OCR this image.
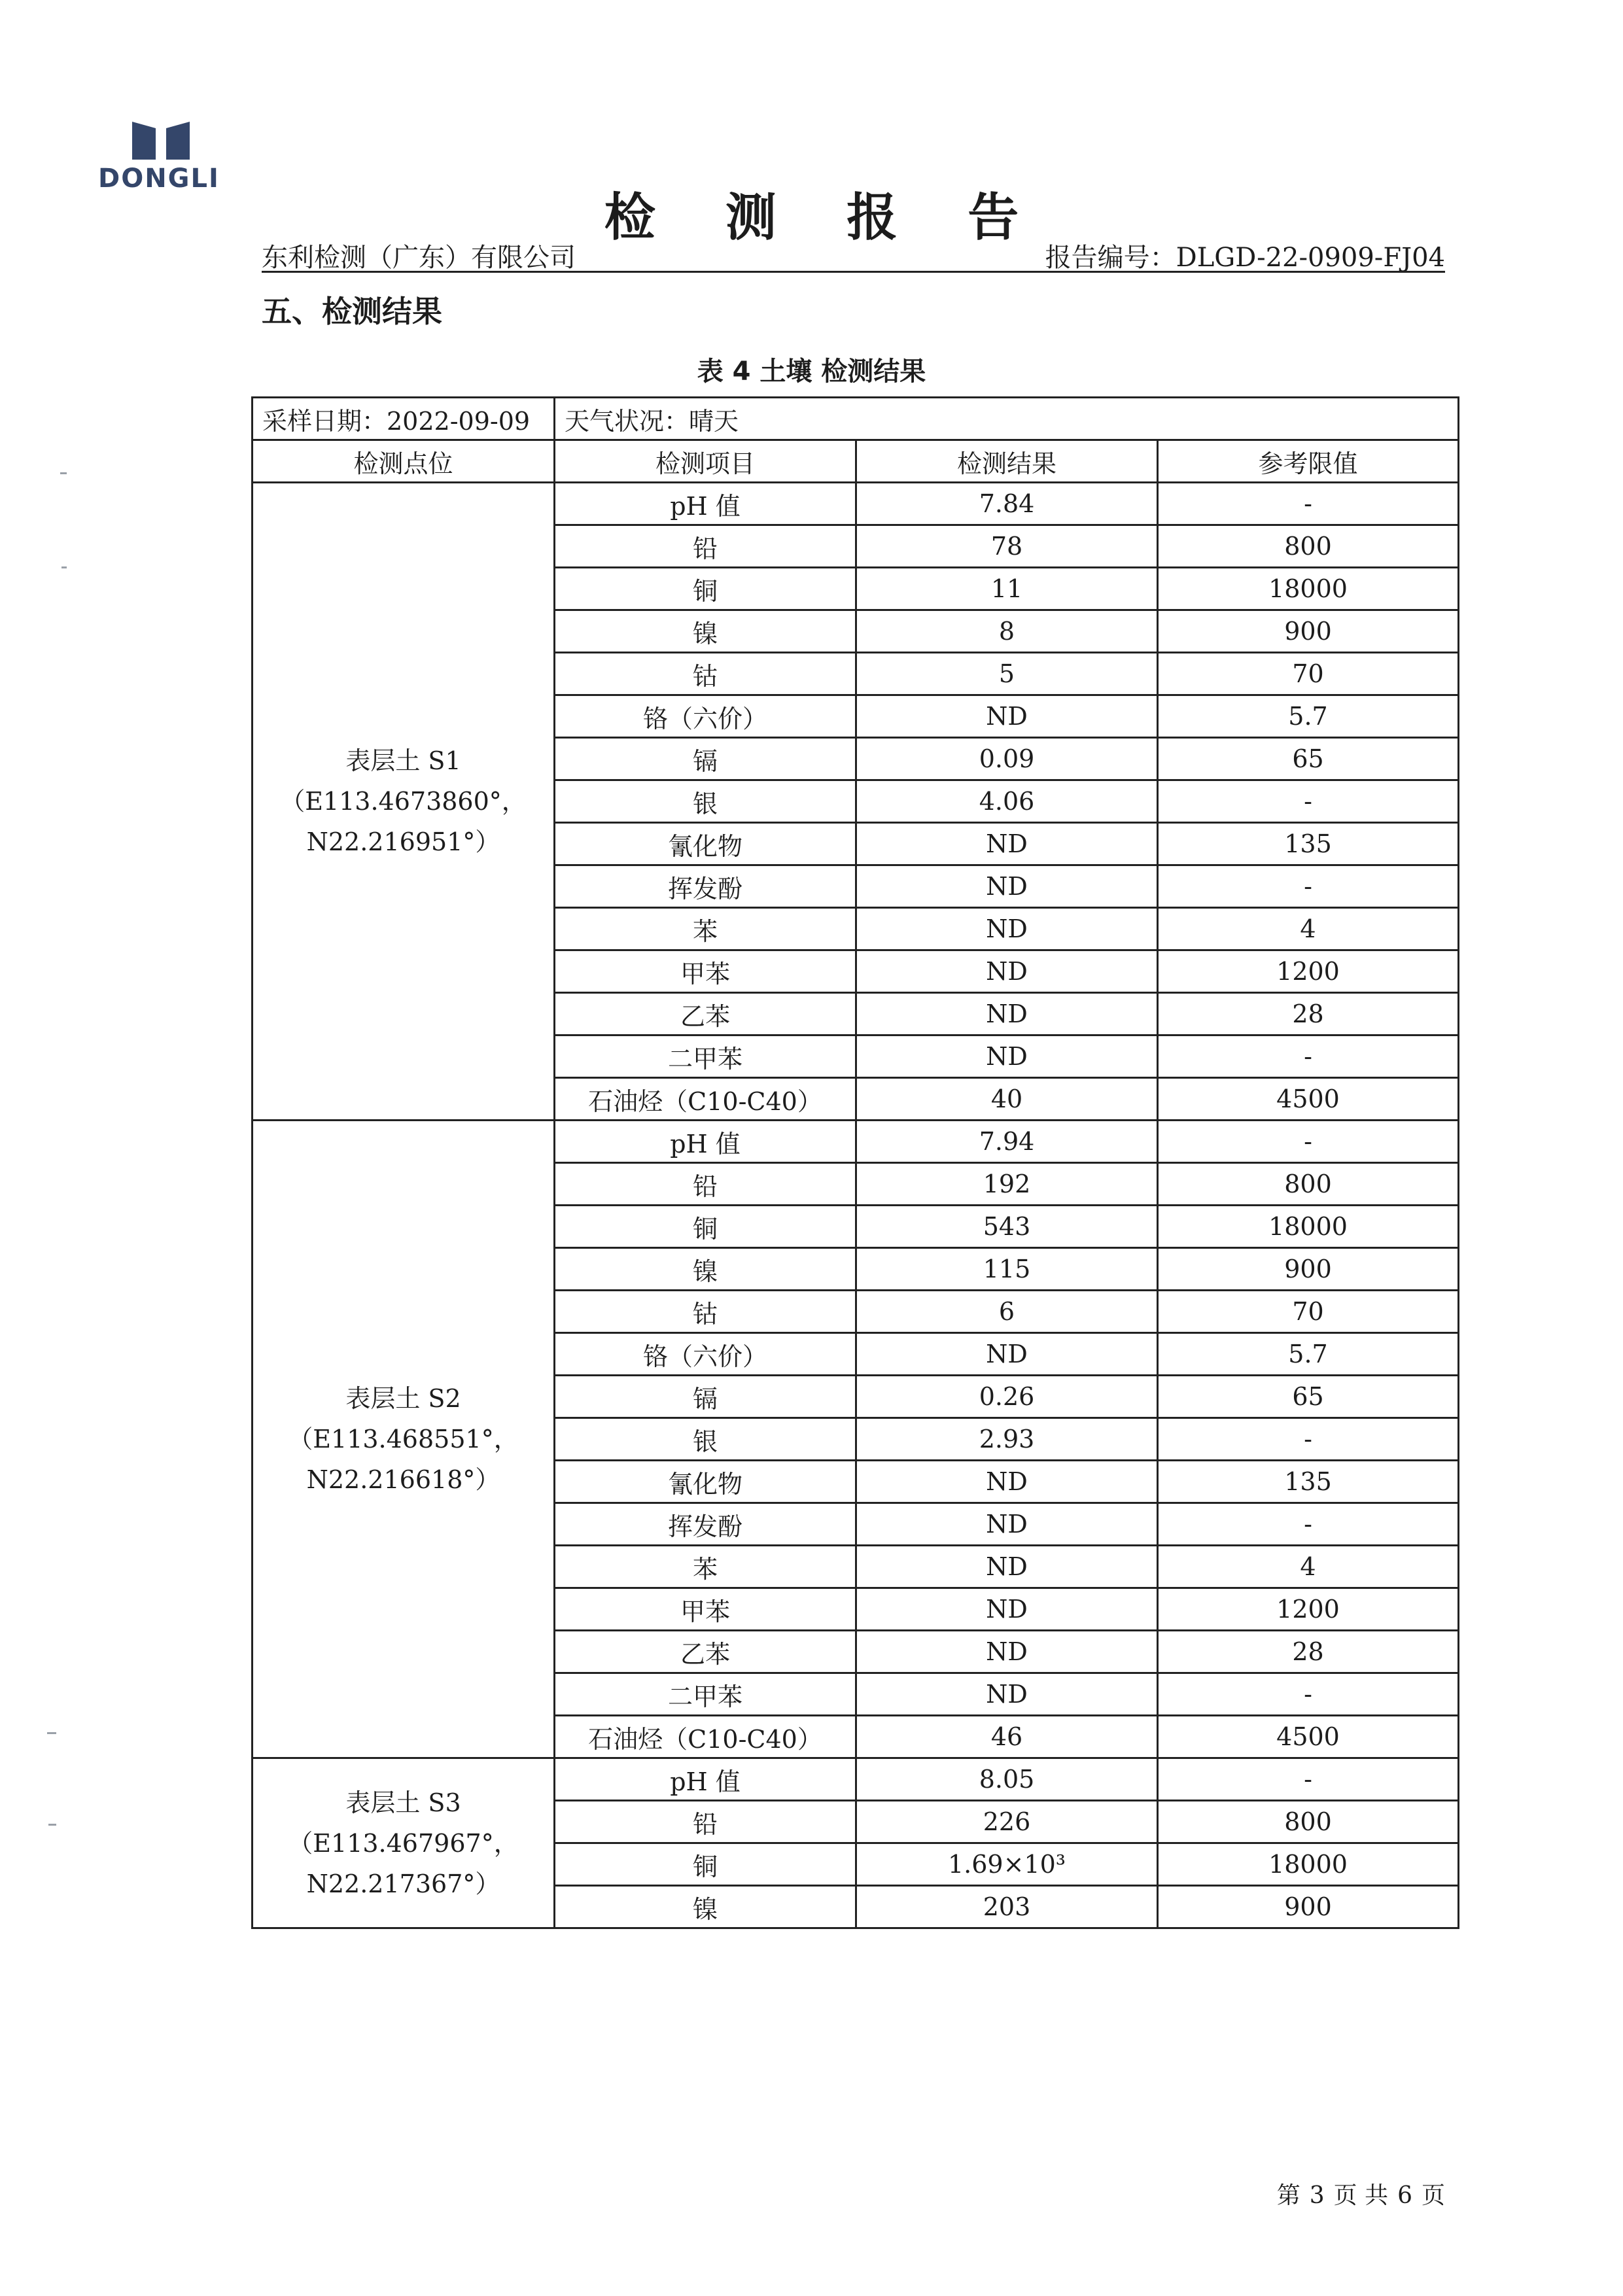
DONGLI
检 测 报 告
东利检测（广东）有限公司	报告编号：DLGD-22-0909-FJ04
五、检测结果
表 4 土壤 检测结果
采样日期：2022-09-09	天气状况：晴天		
检测点位	检测项目	检测结果	参考限值

表层土 S1
（E113.4673860°，
N22.216951°）	pH 值	7.84	-
	铅	78	800
	铜	11	18000
	镍	8	900
	钴	5	70
	铬（六价）	ND	5.7
	镉	0.09	65
	银	4.06	-
	氰化物	ND	135
	挥发酚	ND	-
	苯	ND	4
	甲苯	ND	1200
	乙苯	ND	28
	二甲苯	ND	-
	石油烃（C10-C40）	40	4500

表层土 S2
（E113.468551°，
N22.216618°）	pH 值	7.94	-
	铅	192	800
	铜	543	18000
	镍	115	900
	钴	6	70
	铬（六价）	ND	5.7
	镉	0.26	65
	银	2.93	-
	氰化物	ND	135
	挥发酚	ND	-
	苯	ND	4
	甲苯	ND	1200
	乙苯	ND	28
	二甲苯	ND	-
	石油烃（C10-C40）	46	4500

表层土 S3
（E113.467967°，
N22.217367°）	pH 值	8.05	-
	铅	226	800
	铜	1.69×10³	18000
	镍	203	900
第 3 页 共 6 页
